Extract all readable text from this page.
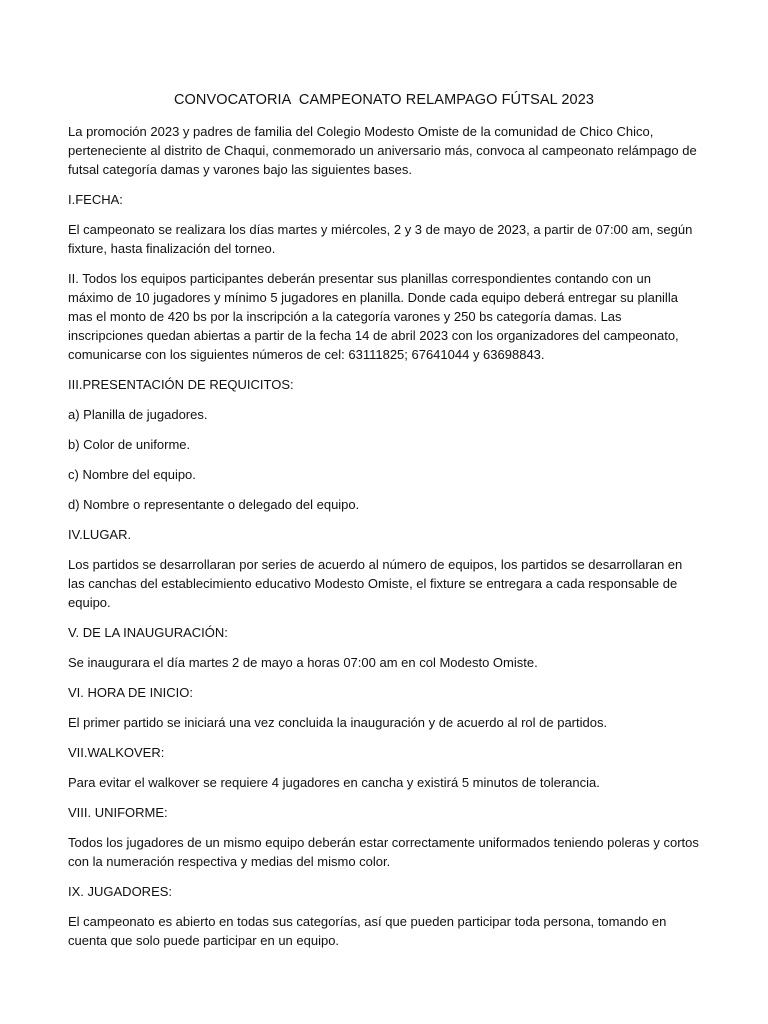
CONVOCATORIA  CAMPEONATO RELAMPAGO FÚTSAL 2023

La promoción 2023 y padres de familia del Colegio Modesto Omiste de la comunidad de Chico Chico, perteneciente al distrito de Chaqui, conmemorado un aniversario más, convoca al campeonato relámpago de futsal categoría damas y varones bajo las siguientes bases.

I.FECHA:

El campeonato se realizara los días martes y miércoles, 2 y 3 de mayo de 2023, a partir de 07:00 am, según fixture, hasta finalización del torneo.

II. Todos los equipos participantes deberán presentar sus planillas correspondientes contando con un máximo de 10 jugadores y mínimo 5 jugadores en planilla. Donde cada equipo deberá entregar su planilla mas el monto de 420 bs por la inscripción a la categoría varones y 250 bs categoría damas. Las inscripciones quedan abiertas a partir de la fecha 14 de abril 2023 con los organizadores del campeonato, comunicarse con los siguientes números de cel: 63111825; 67641044 y 63698843.

III.PRESENTACIÓN DE REQUICITOS:

a) Planilla de jugadores.

b) Color de uniforme.

c) Nombre del equipo.

d) Nombre o representante o delegado del equipo.

IV.LUGAR.

Los partidos se desarrollaran por series de acuerdo al número de equipos, los partidos se desarrollaran en las canchas del establecimiento educativo Modesto Omiste, el fixture se entregara a cada responsable de equipo.

V. DE LA INAUGURACIÓN:

Se inaugurara el día martes 2 de mayo a horas 07:00 am en col Modesto Omiste.

VI. HORA DE INICIO:

El primer partido se iniciará una vez concluida la inauguración y de acuerdo al rol de partidos.

VII.WALKOVER:

Para evitar el walkover se requiere 4 jugadores en cancha y existirá 5 minutos de tolerancia.

VIII. UNIFORME:

Todos los jugadores de un mismo equipo deberán estar correctamente uniformados teniendo poleras y cortos con la numeración respectiva y medias del mismo color.

IX. JUGADORES:

El campeonato es abierto en todas sus categorías, así que pueden participar toda persona, tomando en cuenta que solo puede participar en un equipo.
